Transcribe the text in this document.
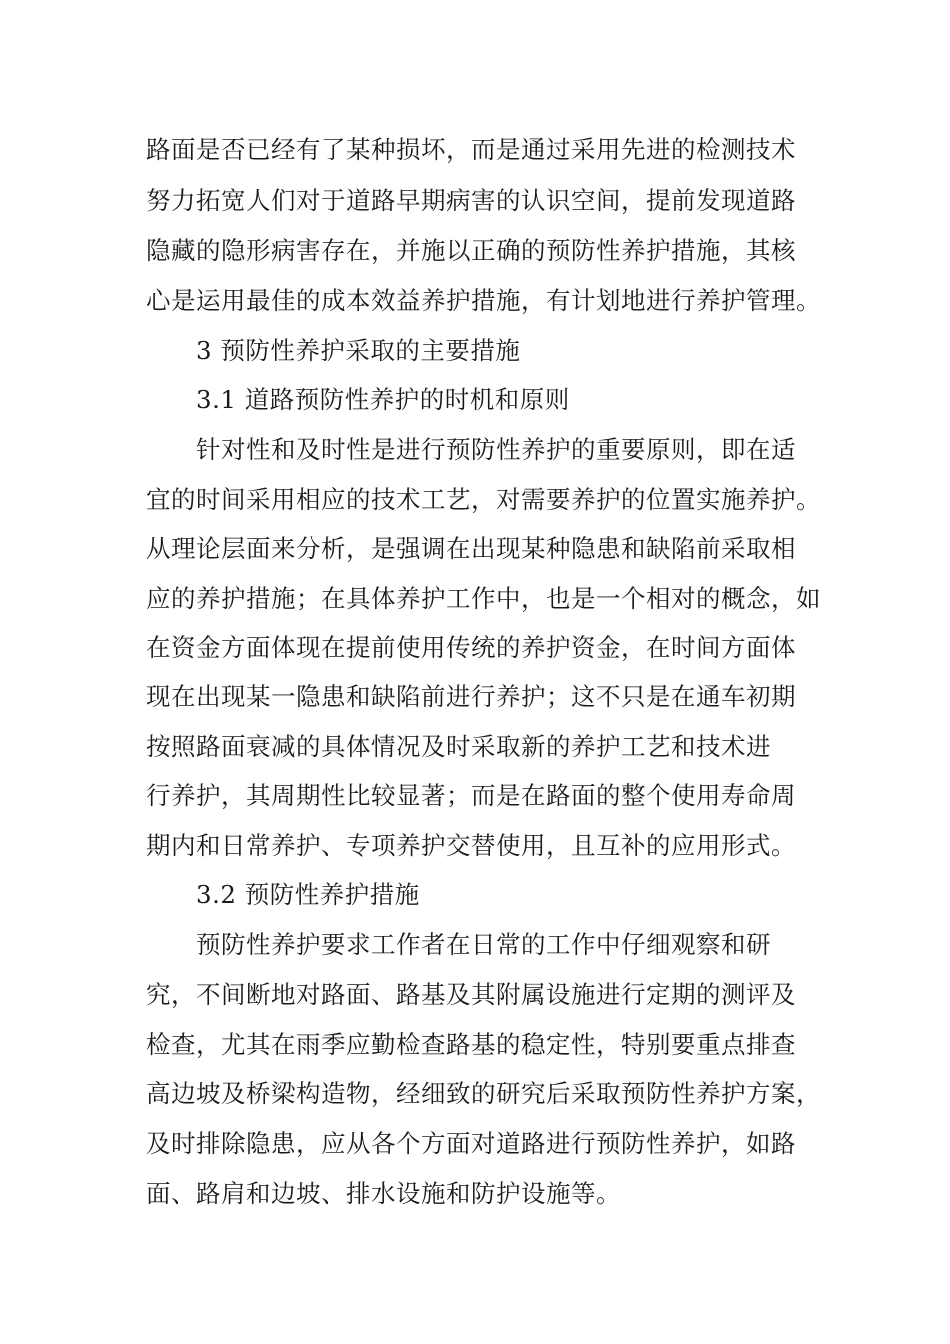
路面是否已经有了某种损坏，而是通过采用先进的检测技术
努力拓宽人们对于道路早期病害的认识空间，提前发现道路
隐藏的隐形病害存在，并施以正确的预防性养护措施，其核
心是运用最佳的成本效益养护措施，有计划地进行养护管理。
3 预防性养护采取的主要措施
3.1 道路预防性养护的时机和原则
针对性和及时性是进行预防性养护的重要原则，即在适
宜的时间采用相应的技术工艺，对需要养护的位置实施养护。
从理论层面来分析，是强调在出现某种隐患和缺陷前采取相
应的养护措施；在具体养护工作中，也是一个相对的概念，如
在资金方面体现在提前使用传统的养护资金，在时间方面体
现在出现某一隐患和缺陷前进行养护；这不只是在通车初期
按照路面衰减的具体情况及时采取新的养护工艺和技术进
行养护，其周期性比较显著；而是在路面的整个使用寿命周
期内和日常养护、专项养护交替使用，且互补的应用形式。
3.2 预防性养护措施
预防性养护要求工作者在日常的工作中仔细观察和研
究，不间断地对路面、路基及其附属设施进行定期的测评及
检查，尤其在雨季应勤检查路基的稳定性，特别要重点排查
高边坡及桥梁构造物，经细致的研究后采取预防性养护方案，
及时排除隐患，应从各个方面对道路进行预防性养护，如路
面、路肩和边坡、排水设施和防护设施等。
